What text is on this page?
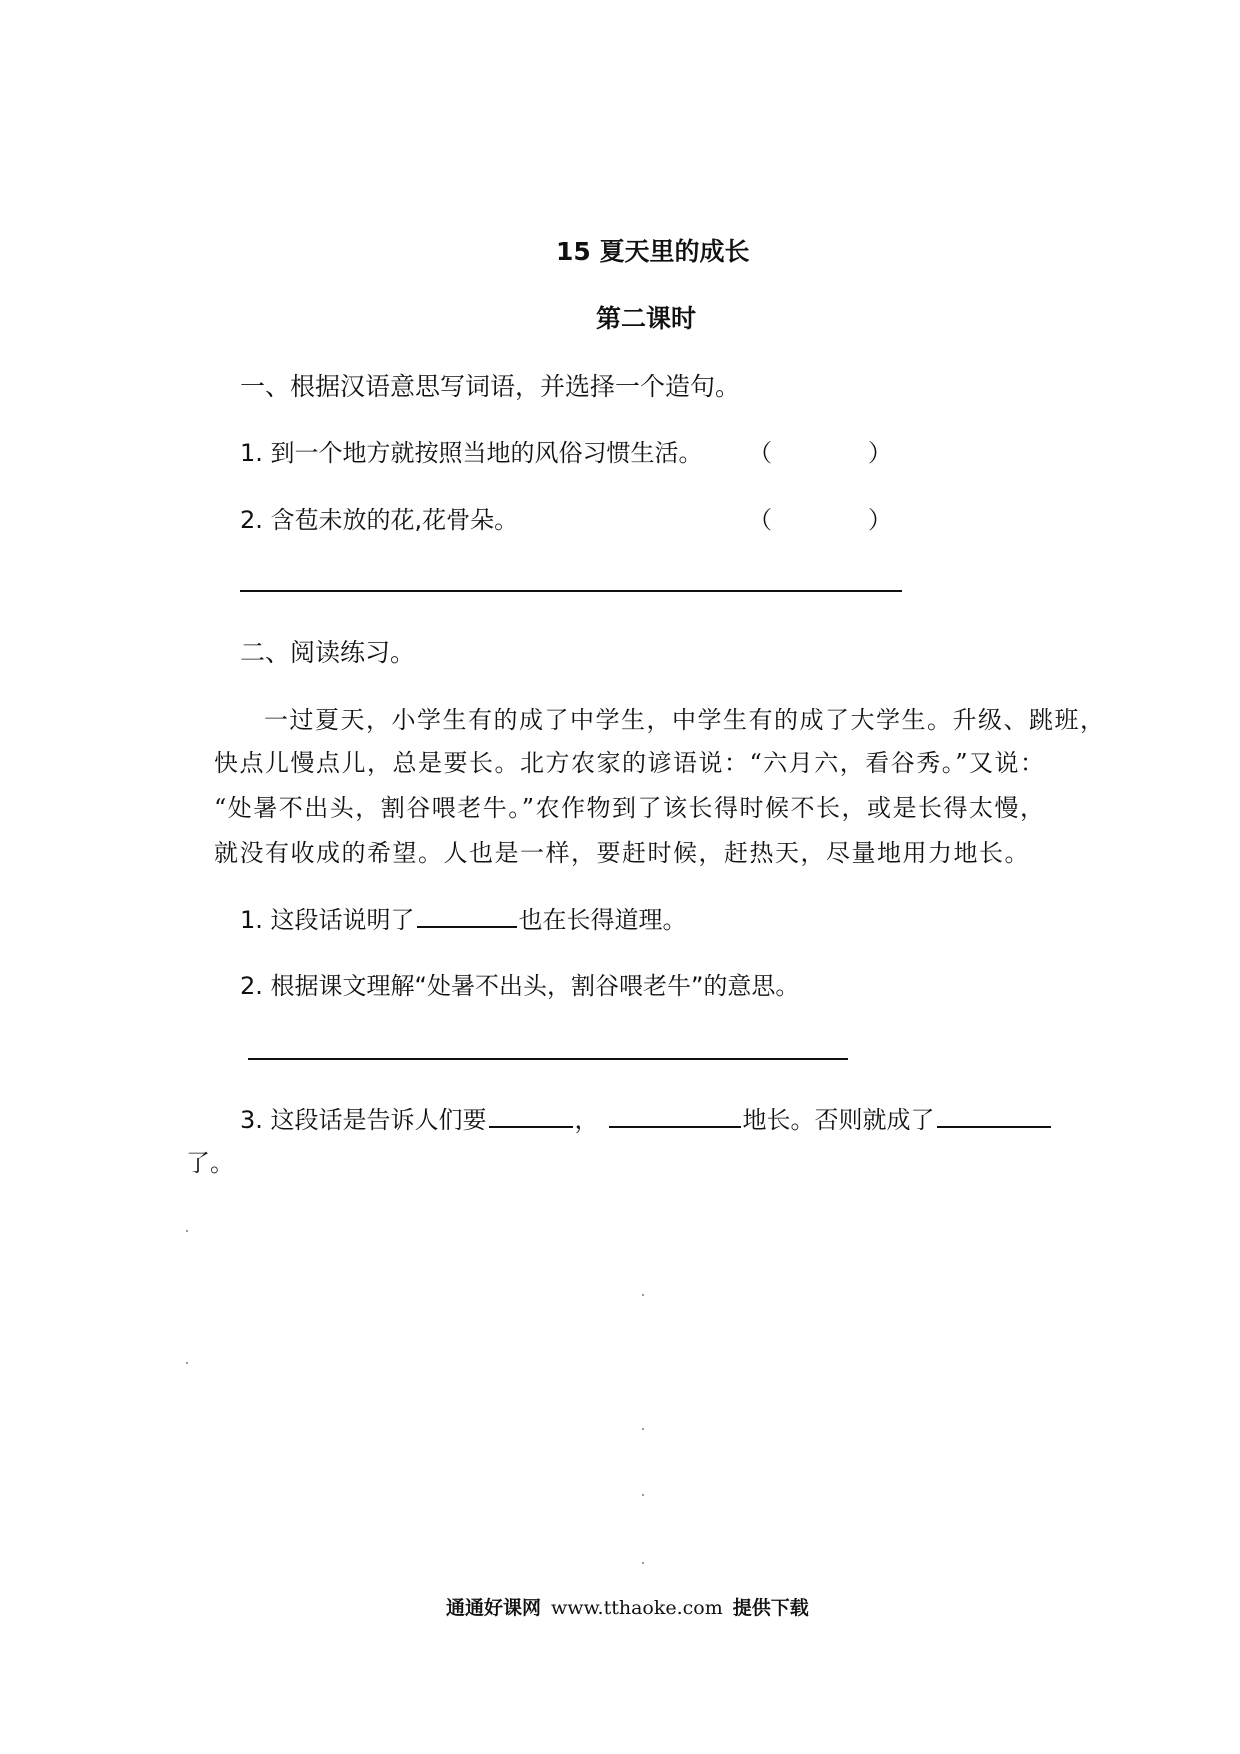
15 夏天里的成长
第二课时
一、根据汉语意思写词语，并选择一个造句。
1. 到一个地方就按照当地的风俗习惯生活。 （	）
2. 含苞未放的花,花骨朵。	（	）
二、阅读练习。
一过夏天，小学生有的成了中学生，中学生有的成了大学生。升级、跳班，
快点儿慢点儿，总是要长。北方农家的谚语说：“六月六，看谷秀。”又说：
“处暑不出头，割谷喂老牛。”农作物到了该长得时候不长，或是长得太慢，
就没有收成的希望。人也是一样，要赶时候，赶热天，尽量地用力地长。
1. 这段话说明了	也在长得道理。
2. 根据课文理解“处暑不出头，割谷喂老牛”的意思。
3. 这段话是告诉人们要	，	地长。否则就成了
了。
通通好课网 www.tthaoke.com 提供下载
